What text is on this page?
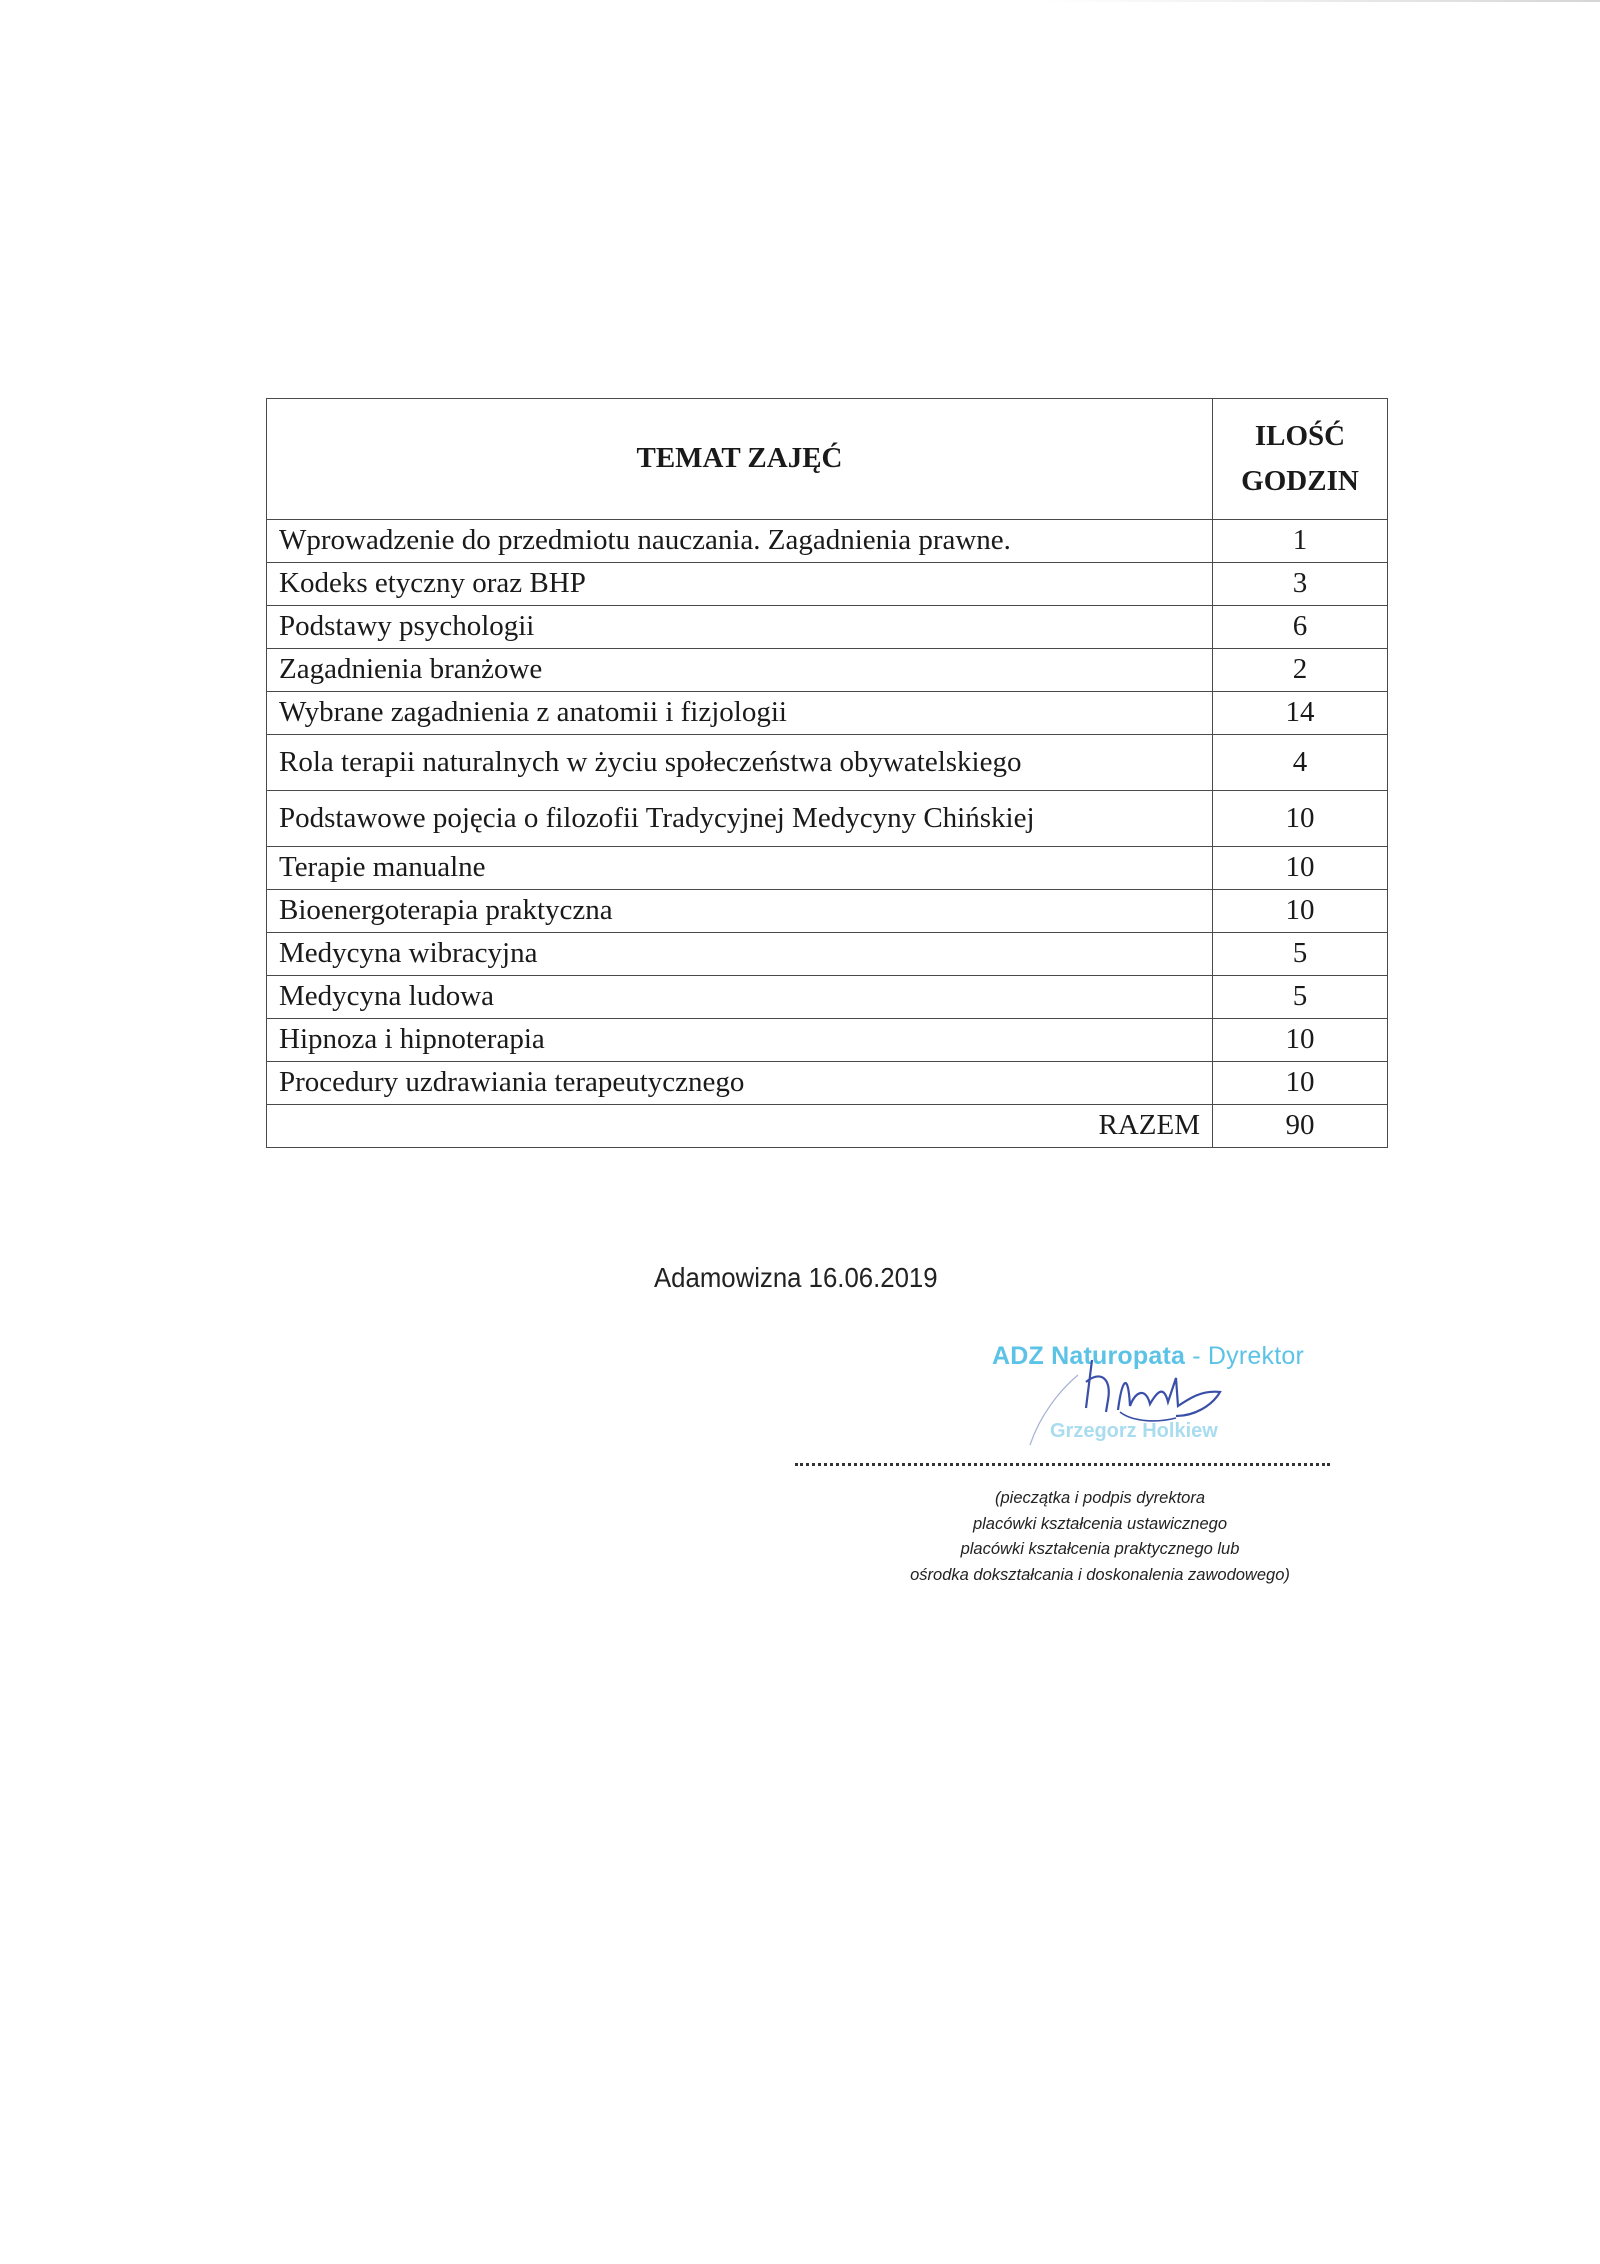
TEMAT ZAJĘĆ	ILOŚĆ
GODZIN
Wprowadzenie do przedmiotu nauczania. Zagadnienia prawne.	1
Kodeks etyczny oraz BHP	3
Podstawy psychologii	6
Zagadnienia branżowe	2
Wybrane zagadnienia z anatomii i fizjologii	14
Rola terapii naturalnych w życiu społeczeństwa obywatelskiego	4
Podstawowe pojęcia o filozofii Tradycyjnej Medycyny Chińskiej	10
Terapie manualne	10
Bioenergoterapia praktyczna	10
Medycyna wibracyjna	5
Medycyna ludowa	5
Hipnoza i hipnoterapia	10
Procedury uzdrawiania terapeutycznego	10
RAZEM	90
Adamowizna 16.06.2019
ADZ Naturopata - Dyrektor
Grzegorz Holkiew
(pieczątka i podpis dyrektora
placówki kształcenia ustawicznego
placówki kształcenia praktycznego lub
ośrodka dokształcania i doskonalenia zawodowego)
